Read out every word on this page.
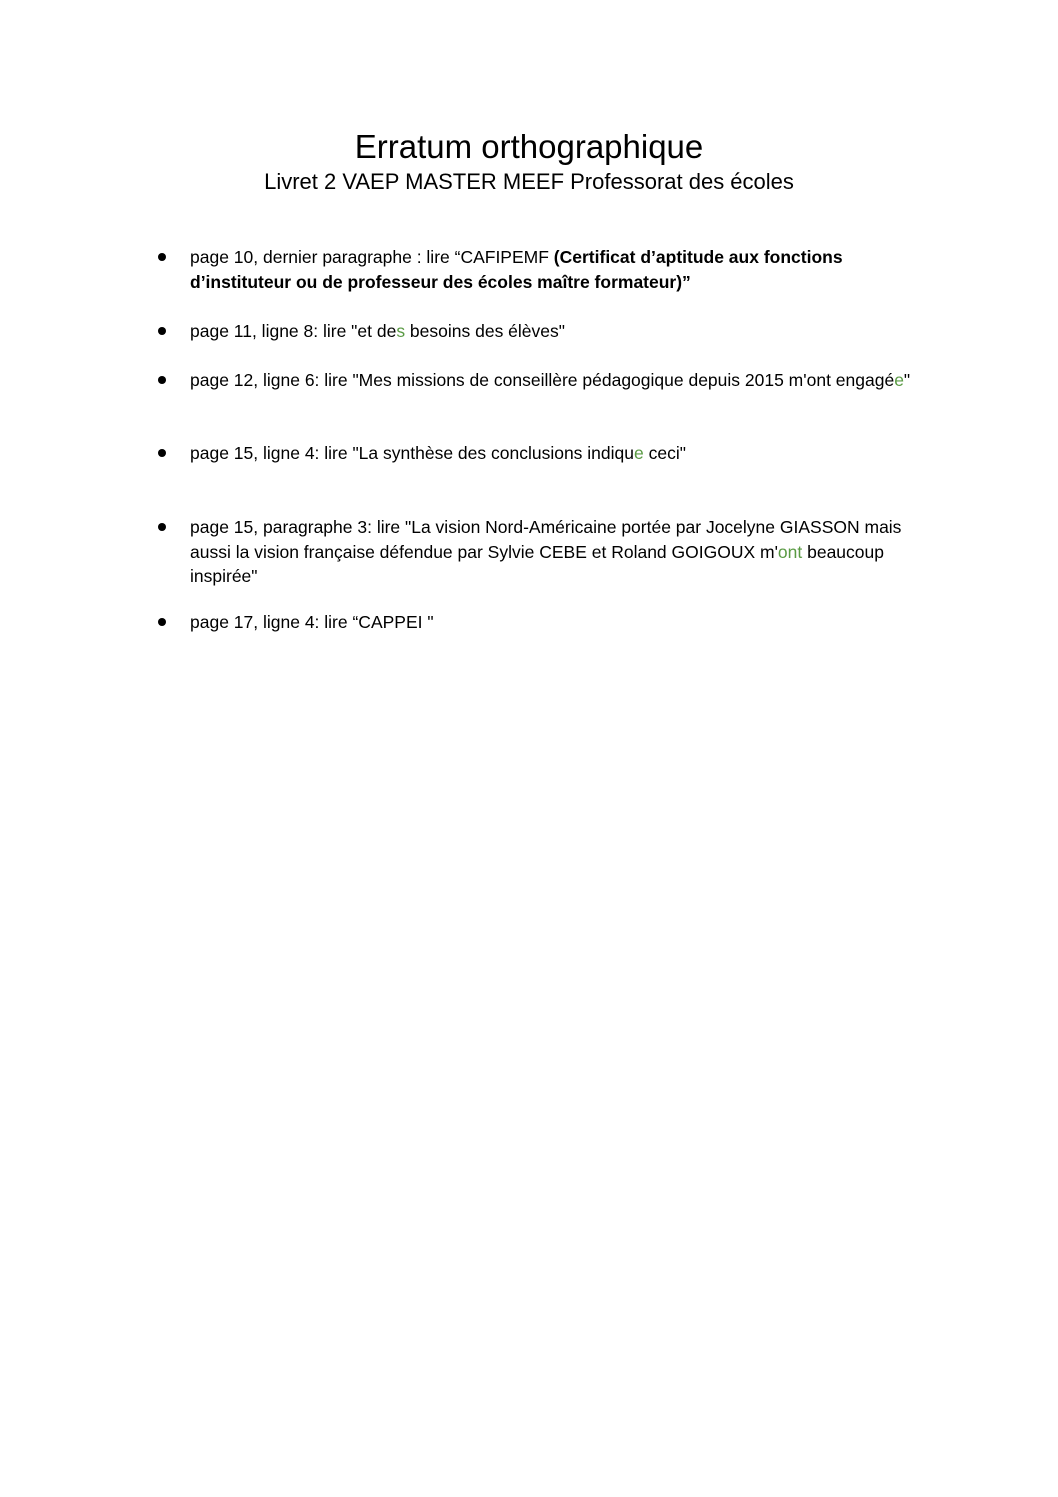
Erratum orthographique
Livret 2 VAEP MASTER MEEF Professorat des écoles
page 10, dernier paragraphe : lire “CAFIPEMF (Certificat d’aptitude aux fonctions d’instituteur ou de professeur des écoles maître formateur)”
page 11, ligne 8: lire "et des besoins des élèves"
page 12, ligne 6: lire "Mes missions de conseillère pédagogique depuis 2015 m'ont engagée"
page 15, ligne 4: lire "La synthèse des conclusions indique ceci"
page 15, paragraphe 3: lire "La vision Nord-Américaine portée par Jocelyne GIASSON mais aussi la vision française défendue par Sylvie CEBE et Roland GOIGOUX m'ont beaucoup inspirée"
page 17, ligne 4: lire “CAPPEI "
